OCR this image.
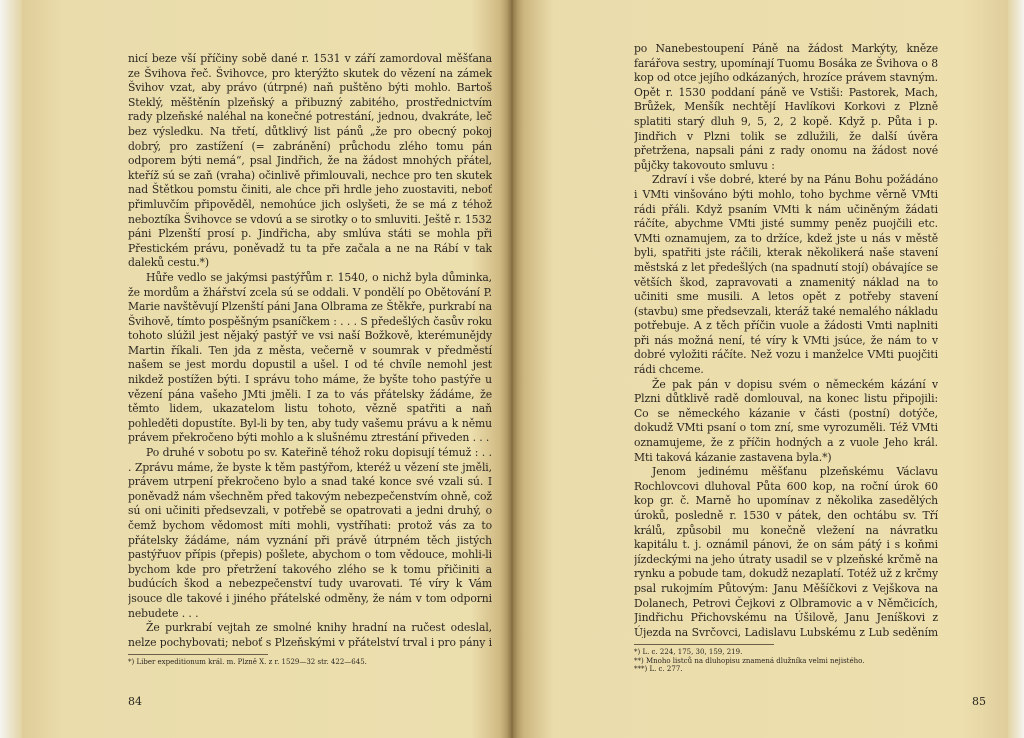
nicí beze vší příčiny sobě dané r. 1531 v září zamordoval měšťana ze Švihova řeč. Švihovce, pro kterýžto skutek do vězení na zámek Švihov vzat, aby právo (útrpné) naň puštěno býti mohlo. Bartoš Steklý, měštěnín plzeňský a přibuzný zabitého, prostřednictvím rady plzeňské naléhal na konečné potrestání, jednou, dvakráte, leč bez výsledku. Na třetí, důtklivý list pánů „že pro obecný pokoj dobrý, pro zastížení (= zabránění) průchodu zlého tomu pán odporem býti nemá“, psal Jindřich, že na žádost mnohých přátel, kteříž sú se zaň (vraha) očinlivě přimlouvali, nechce pro ten skutek nad Štětkou pomstu činiti, ale chce při hrdle jeho zuostaviti, neboť přimluvčím připověděl, nemohúce jich oslyšeti, že se má z téhož neboztíka Švihovce se vdovú a se sirotky o to smluviti. Ještě r. 1532 páni Plzenští prosí p. Jindřicha, aby smlúva státi se mohla při Přestickém právu, poněvadž tu ta pře začala a ne na Rábí v tak daleků cestu.*)

Hůře vedlo se jakýmsi pastýřům r. 1540, o nichž byla důminka, že mordům a žhářství zcela sú se oddali. V pondělí po Obětování P. Marie navštěvují Plzenští páni Jana Olbrama ze Štěkře, purkrabí na Švihově, tímto pospěšným psaníčkem : . . . S předešlých časův roku tohoto slúžil jest nějaký pastýř ve vsi naší Božkově, kterémunějdy Martin říkali. Ten jda z města, večerně v soumrak v předměstí našem se jest mordu dopustil a ušel. I od té chvíle nemohl jest nikdež postížen býti. I správu toho máme, že byšte toho pastýře u vězení pána vašeho JMti jměli. I za to vás přátelsky žádáme, že těmto lidem, ukazatelom listu tohoto, vězně spatřiti a naň pohleděti dopustíte. Byl-li by ten, aby tudy vašemu právu a k němu právem překročeno býti mohlo a k slušnému ztrestání přiveden . . .

Po druhé v sobotu po sv. Kateřině téhož roku dopisují témuž : . . . Zprávu máme, že byste k těm pastýřom, kteréž u vězení ste jměli, právem utrpení překročeno bylo a snad také konce své vzali sú. I poněvadž nám všechněm před takovým nebezpečenstvím ohně, což sú oni učiniti předsevzali, v potřebě se opatrovati a jedni druhý, o čemž bychom vědomost míti mohli, vystříhati: protož vás za to přátelsky žádáme, nám vyznání při právě útrpném těch jistých pastýřuov přípis (přepis) pošlete, abychom o tom vědouce, mohli-li bychom kde pro přetržení takového zlého se k tomu přičiniti a budúcích škod a nebezpečenství tudy uvarovati. Té víry k Vám jsouce dle takové i jiného přátelské odměny, že nám v tom odporni nebudete . . .

Že purkrabí vejtah ze smolné knihy hradní na ručest odeslal, nelze pochybovati; neboť s Plzeňskými v přátelství trval i pro pány i

*) Liber expeditionum král. m. Plzně X. z r. 1529—32 str. 422—645.
84

po Nanebestoupení Páně na žádost Markýty, kněze farářova sestry, upomínají Tuomu Bosáka ze Švihova o 8 kop od otce jejího odkázaných, hrozíce právem stavným. Opět r. 1530 poddaní páně ve Vstiši: Pastorek, Mach, Brůžek, Menšík nechtějí Havlíkovi Korkovi z Plzně splatiti starý dluh 9, 5, 2, 2 kopě. Když p. Půta i p. Jindřich v Plzni tolik se zdlužili, že další úvěra přetržena, napsali páni z rady onomu na žádost nové půjčky takovouto smluvu :

Zdraví i vše dobré, které by na Pánu Bohu požádáno i VMti vinšováno býti mohlo, toho bychme věrně VMti rádi přáli. Když psaním VMti k nám učiněným žádati ráčíte, abychme VMti jisté summy peněz puojčili etc. VMti oznamujem, za to držíce, kdež jste u nás v městě byli, spatřiti jste ráčili, kterak několikerá naše stavení městská z let předešlých (na spadnutí stojí) obávajíce se větších škod, zapravovati a znamenitý náklad na to učiniti sme musili. A letos opět z potřeby stavení (stavbu) sme předsevzali, kteráž také nemalého nákladu potřebuje. A z těch příčin vuole a žádosti Vmti naplniti při nás možná není, té víry k VMti jsúce, že nám to v dobré vyložiti ráčíte. Než vozu i manželce VMti puojčiti rádi chceme.

Že pak pán v dopisu svém o německém kázání v Plzni důtklivě radě domlouval, na konec listu připojili: Co se německého kázanie v části (postní) dotýče, dokudž VMti psaní o tom zní, sme vyrozuměli. Též VMti oznamujeme, že z příčin hodných a z vuole Jeho král. Mti taková kázanie zastavena byla.*)

Jenom jedinému měšťanu plzeňskému Václavu Rochlovcovi dluhoval Půta 600 kop, na roční úrok 60 kop gr. č. Marně ho upomínav z několika zasedělých úroků, posledně r. 1530 v pátek, den ochtábu sv. Tří králů, způsobil mu konečně vležení na návratku kapitálu t. j. oznámil pánovi, že on sám pátý i s koňmi jízdeckými na jeho útraty usadil se v plzeňské krčmě na rynku a pobude tam, dokudž nezaplatí. Totéž už z krčmy psal rukojmím Půtovým: Janu Měšíčkovi z Vejškova na Dolanech, Petrovi Čejkovi z Olbramovic a v Němčicích, Jindřichu Přichovskému na Úšilově, Janu Jeníškovi z Újezda na Svrčovci, Ladislavu Lubskému z Lub seděním

*) L. c. 224, 175, 30, 159, 219.
**) Mnoho listců na dluhopisu znamená dlužníka velmi nejistého.
***) L. c. 277.
85
